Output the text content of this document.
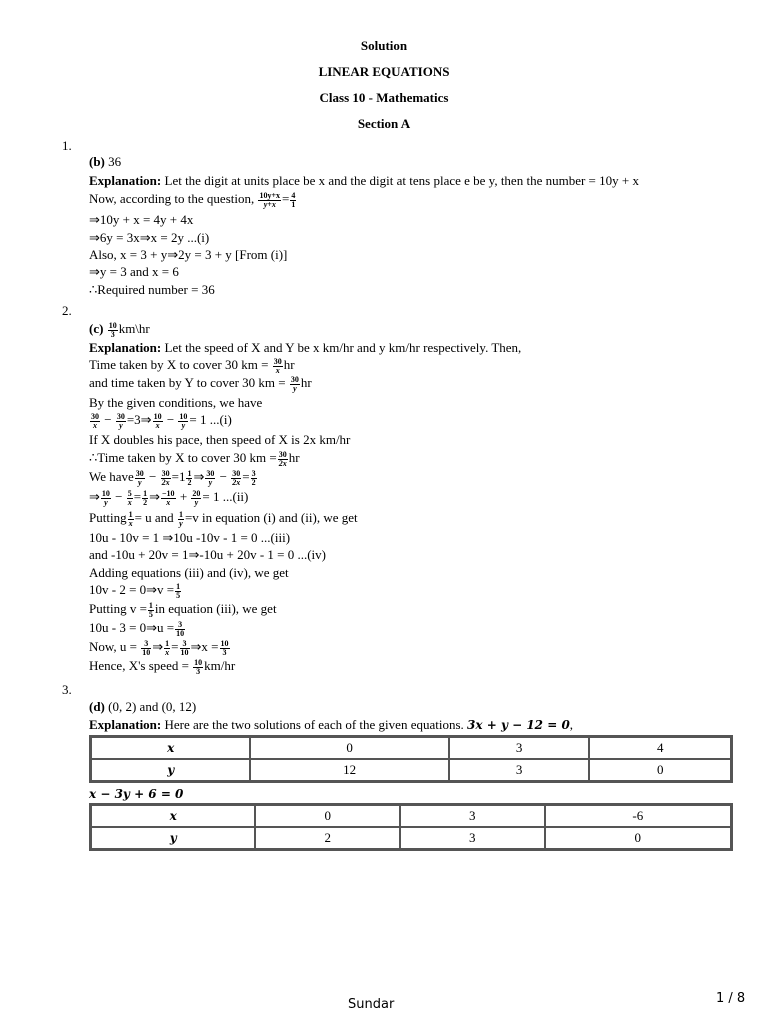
Solution
LINEAR EQUATIONS
Class 10 - Mathematics
Section A
1.
(b) 36
Explanation: Let the digit at units place be x and the digit at tens place e be y, then the number = 10y + x
Now, according to the question, $\frac{10y+x}{y+x} = \frac{4}{1}$
⇒10y + x = 4y + 4x
⇒6y = 3x⇒x = 2y ...(i)
Also, x = 3 + y⇒2y = 3 + y [From (i)]
⇒y = 3 and x = 6
∴Required number = 36
2.
$(c) \frac{10}{3}$ km\hr
Explanation: Let the speed of X and Y be x km/hr and y km/hr respectively. Then,
Time taken by X to cover 30 km = $\frac{30}{x}$ hr
and time taken by Y to cover 30 km = $\frac{30}{y}$ hr
By the given conditions, we have
$\frac{30}{x} - \frac{30}{y}$ =3⇒ $\frac{10}{x} - \frac{10}{y} = 1$ ...(i)
If X doubles his pace, then speed of X is 2x km/hr
∴Time taken by X to cover 30 km = $\frac{30}{2x}$ hr
We have $\frac{30}{y} - \frac{30}{2x} =1 \frac{1}{2}$ ⇒ $\frac{30}{y} - \frac{30}{2x} = \frac{3}{2}$
⇒ $\frac{10}{y} - \frac{5}{x} = \frac{1}{2}$ ⇒ $\frac{-10}{x} + \frac{20}{y} = 1$ ...(ii)
Putting $\frac{1}{x} = u$ and $\frac{1}{y} =v$ in equation (i) and (ii), we get
10u - 10v = 1 ⇒10u -10v - 1 = 0 ...(iii)
and -10u + 20v = 1⇒-10u + 20v - 1 = 0 ...(iv)
Adding equations (iii) and (iv), we get
10v - 2 = 0⇒v = $\frac{1}{5}$
Putting $v = \frac{1}{5}$ in equation (iii), we get
10u - 3 = 0⇒u = $\frac{3}{10}$
Now, $u = \frac{3}{10}$ ⇒ $\frac{1}{x} = \frac{3}{10}$ ⇒x = $\frac{10}{3}$
Hence, X's speed = $\frac{10}{3} km/hr$
3.
(d) (0, 2) and (0, 12)
Explanation: Here are the two solutions of each of the given equations. 3x + y − 12 = 0,
x	0	3	4
y	12	3	0
x − 3y + 6 = 0
x	0	3	-6
y	2	3	0
Sundar	1 / 8
